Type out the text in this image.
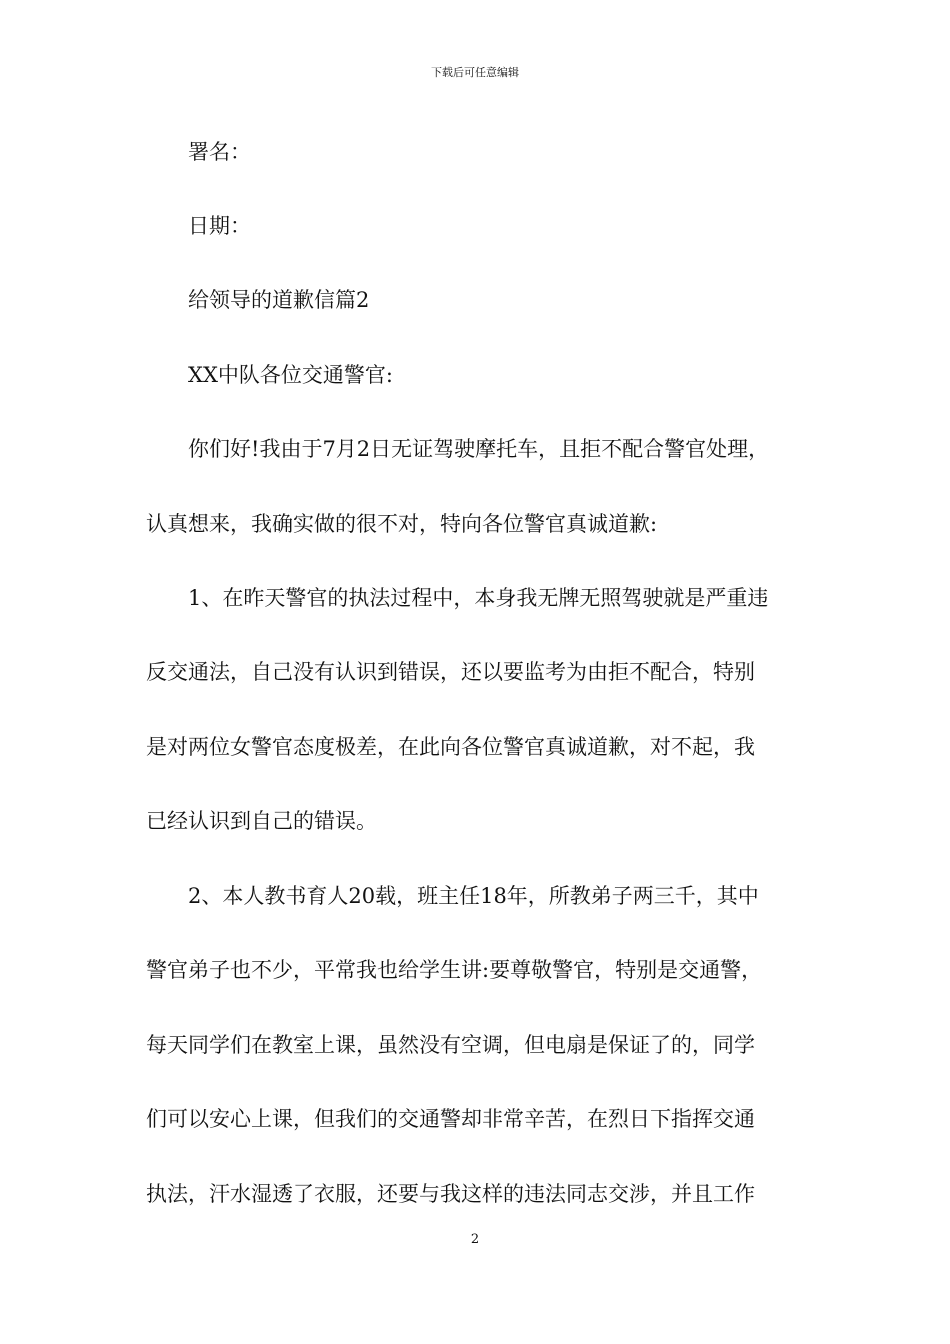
下载后可任意编辑
署名：
日期：
给领导的道歉信篇2
XX中队各位交通警官:
你们好!我由于7月2日无证驾驶摩托车，且拒不配合警官处理，
认真想来，我确实做的很不对，特向各位警官真诚道歉:
1、在昨天警官的执法过程中，本身我无牌无照驾驶就是严重违
反交通法，自己没有认识到错误，还以要监考为由拒不配合，特别
是对两位女警官态度极差，在此向各位警官真诚道歉，对不起，我
已经认识到自己的错误。
2、本人教书育人20载，班主任18年，所教弟子两三千，其中
警官弟子也不少，平常我也给学生讲:要尊敬警官，特别是交通警，
每天同学们在教室上课，虽然没有空调，但电扇是保证了的，同学
们可以安心上课，但我们的交通警却非常辛苦，在烈日下指挥交通
执法，汗水湿透了衣服，还要与我这样的违法同志交涉，并且工作
2
